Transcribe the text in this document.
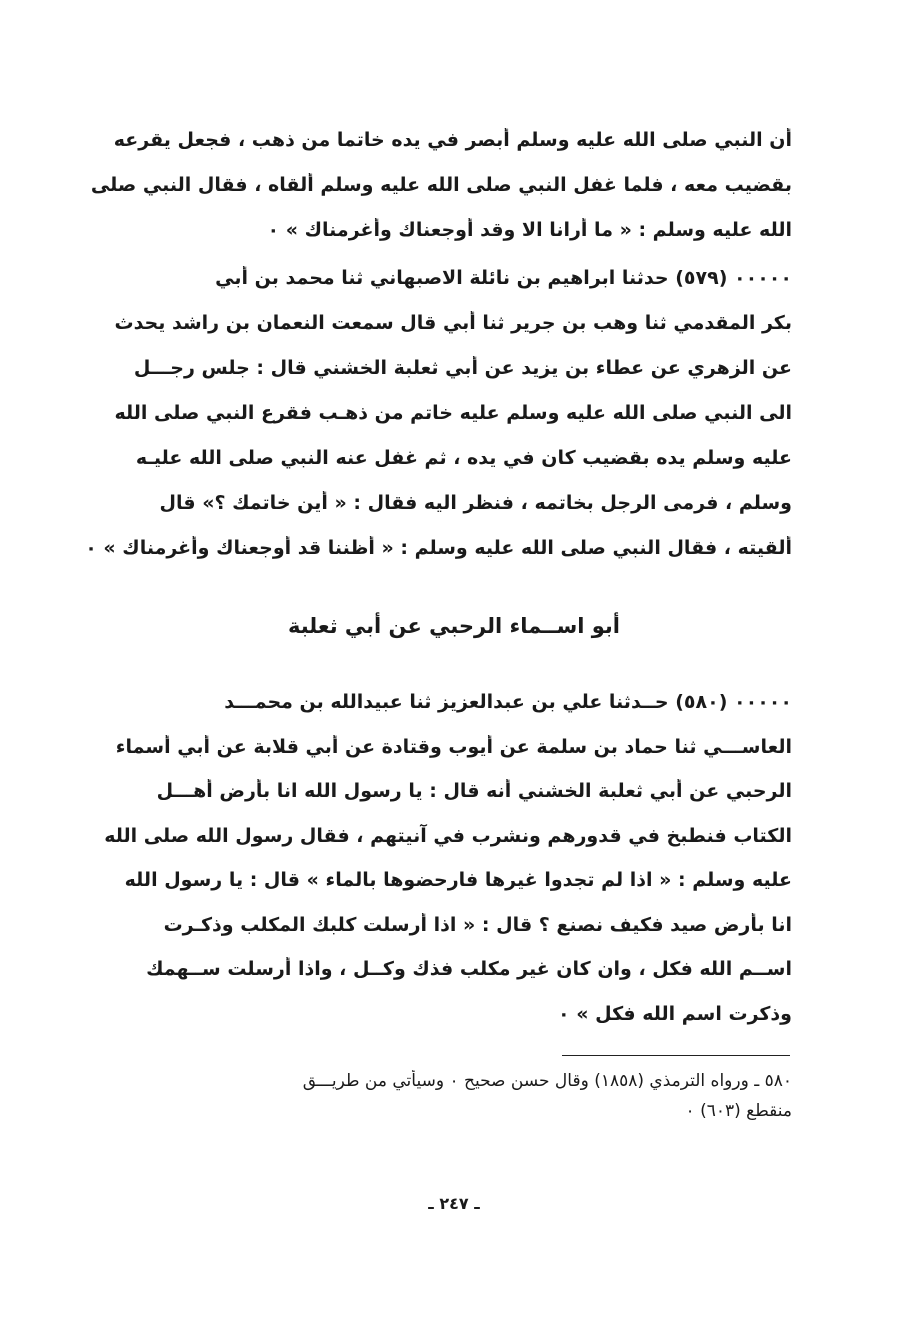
أن النبي صلى الله عليه وسلم أبصر في يده خاتما من ذهب ، فجعل يقرعه
بقضيب معه ، فلما غفل النبي صلى الله عليه وسلم ألقاه ، فقال النبي صلى
الله عليه وسلم : « ما أرانا الا وقد أوجعناك وأغرمناك » ٠
٠٠٠٠٠ (٥٧٩) حدثنا ابراهيم بن نائلة الاصبهاني ثنا محمد بن أبي
بكر المقدمي ثنا وهب بن جرير ثنا أبي قال سمعت النعمان بن راشد يحدث
عن الزهري عن عطاء بن يزيد عن أبي ثعلبة الخشني قال : جلس رجـــل
الى النبي صلى الله عليه وسلم عليه خاتم من ذهـب فقرع النبي صلى الله
عليه وسلم يده بقضيب كان في يده ، ثم غفل عنه النبي صلى الله عليـه
وسلم ، فرمى الرجل بخاتمه ، فنظر اليه فقال : « أين خاتمك ؟» قال
ألقيته ، فقال النبي صلى الله عليه وسلم : « أظننا قد أوجعناك وأغرمناك » ٠
أبو اســماء الرحبي عن أبي ثعلبة
٠٠٠٠٠ (٥٨٠) حــدثنا علي بن عبدالعزيز ثنا عبيدالله بن محمـــد
العاســـي ثنا حماد بن سلمة عن أيوب وقتادة عن أبي قلابة عن أبي أسماء
الرحبي عن أبي ثعلبة الخشني أنه قال : يا رسول الله انا بأرض أهـــل
الكتاب فنطبخ في قدورهم ونشرب في آنيتهم ، فقال رسول الله صلى الله
عليه وسلم : « اذا لم تجدوا غيرها فارحضوها بالماء » قال : يا رسول الله
انا بأرض صيد فكيف نصنع ؟ قال : « اذا أرسلت كلبك المكلب وذكـرت
اســم الله فكل ، وان كان غير مكلب فذك وكــل ، واذا أرسلت ســهمك
وذكرت اسم الله فكل » ٠
٥٨٠ ـ ورواه الترمذي (١٨٥٨) وقال حسن صحيح ٠ وسيأتي من طريـــق
منقطع (٦٠٣) ٠
ـ ٢٤٧ ـ
